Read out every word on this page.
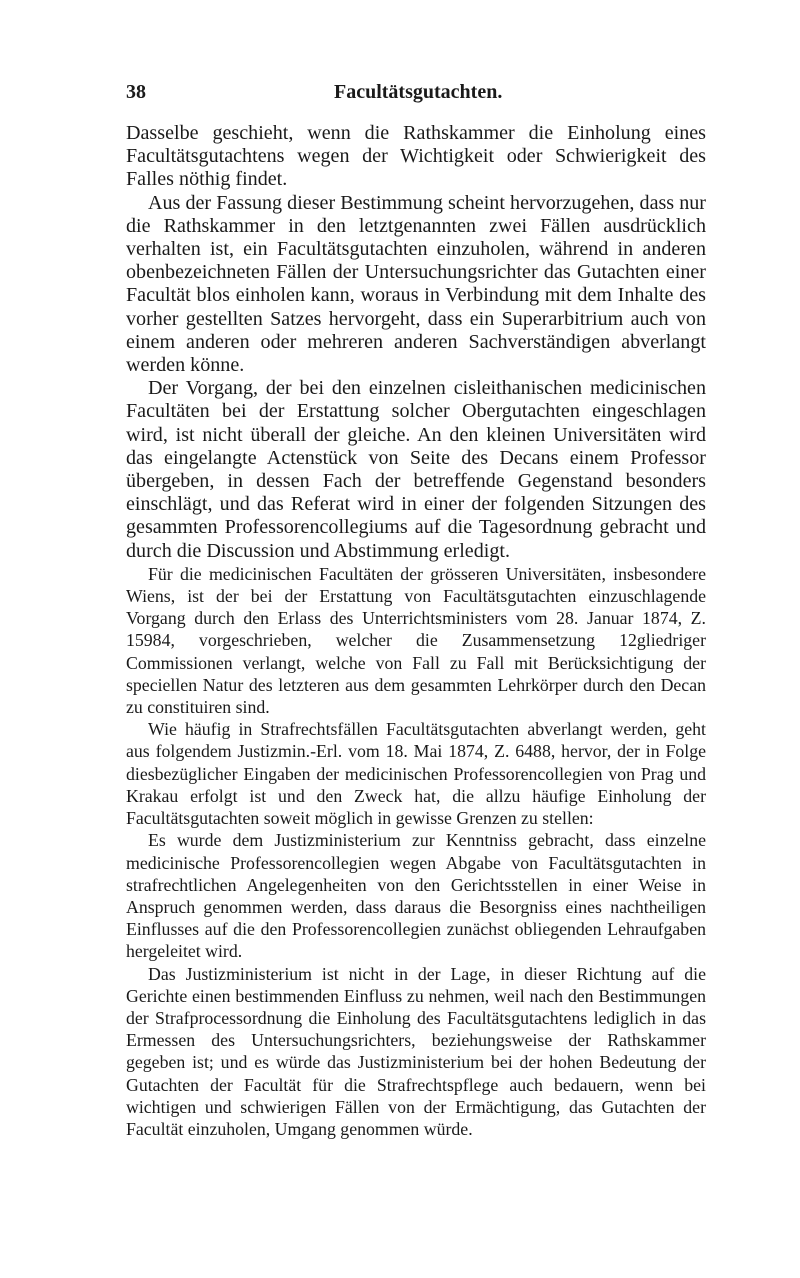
38	Facultätsgutachten.

Dasselbe geschieht, wenn die Rathskammer die Einholung eines Facultätsgutachtens wegen der Wichtigkeit oder Schwierigkeit des Falles nöthig findet.

Aus der Fassung dieser Bestimmung scheint hervorzugehen, dass nur die Rathskammer in den letztgenannten zwei Fällen ausdrücklich verhalten ist, ein Facultätsgutachten einzuholen, während in anderen obenbezeichneten Fällen der Untersuchungsrichter das Gutachten einer Facultät blos einholen kann, woraus in Verbindung mit dem Inhalte des vorher gestellten Satzes hervorgeht, dass ein Superarbitrium auch von einem anderen oder mehreren anderen Sachverständigen abverlangt werden könne.

Der Vorgang, der bei den einzelnen cisleithanischen medicinischen Facultäten bei der Erstattung solcher Obergutachten eingeschlagen wird, ist nicht überall der gleiche. An den kleinen Universitäten wird das eingelangte Actenstück von Seite des Decans einem Professor übergeben, in dessen Fach der betreffende Gegenstand besonders einschlägt, und das Referat wird in einer der folgenden Sitzungen des gesammten Professorencollegiums auf die Tagesordnung gebracht und durch die Discussion und Abstimmung erledigt.

Für die medicinischen Facultäten der grösseren Universitäten, insbesondere Wiens, ist der bei der Erstattung von Facultätsgutachten einzuschlagende Vorgang durch den Erlass des Unterrichtsministers vom 28. Januar 1874, Z. 15984, vorgeschrieben, welcher die Zusammensetzung 12gliedriger Commissionen verlangt, welche von Fall zu Fall mit Berücksichtigung der speciellen Natur des letzteren aus dem gesammten Lehrkörper durch den Decan zu constituiren sind.

Wie häufig in Strafrechtsfällen Facultätsgutachten abverlangt werden, geht aus folgendem Justizmin.-Erl. vom 18. Mai 1874, Z. 6488, hervor, der in Folge diesbezüglicher Eingaben der medicinischen Professorencollegien von Prag und Krakau erfolgt ist und den Zweck hat, die allzu häufige Einholung der Facultätsgutachten soweit möglich in gewisse Grenzen zu stellen:

Es wurde dem Justizministerium zur Kenntniss gebracht, dass einzelne medicinische Professorencollegien wegen Abgabe von Facultätsgutachten in strafrechtlichen Angelegenheiten von den Gerichtsstellen in einer Weise in Anspruch genommen werden, dass daraus die Besorgniss eines nachtheiligen Einflusses auf die den Professorencollegien zunächst obliegenden Lehraufgaben hergeleitet wird.

Das Justizministerium ist nicht in der Lage, in dieser Richtung auf die Gerichte einen bestimmenden Einfluss zu nehmen, weil nach den Bestimmungen der Strafprocessordnung die Einholung des Facultätsgutachtens lediglich in das Ermessen des Untersuchungsrichters, beziehungsweise der Rathskammer gegeben ist; und es würde das Justizministerium bei der hohen Bedeutung der Gutachten der Facultät für die Strafrechtspflege auch bedauern, wenn bei wichtigen und schwierigen Fällen von der Ermächtigung, das Gutachten der Facultät einzuholen, Umgang genommen würde.
